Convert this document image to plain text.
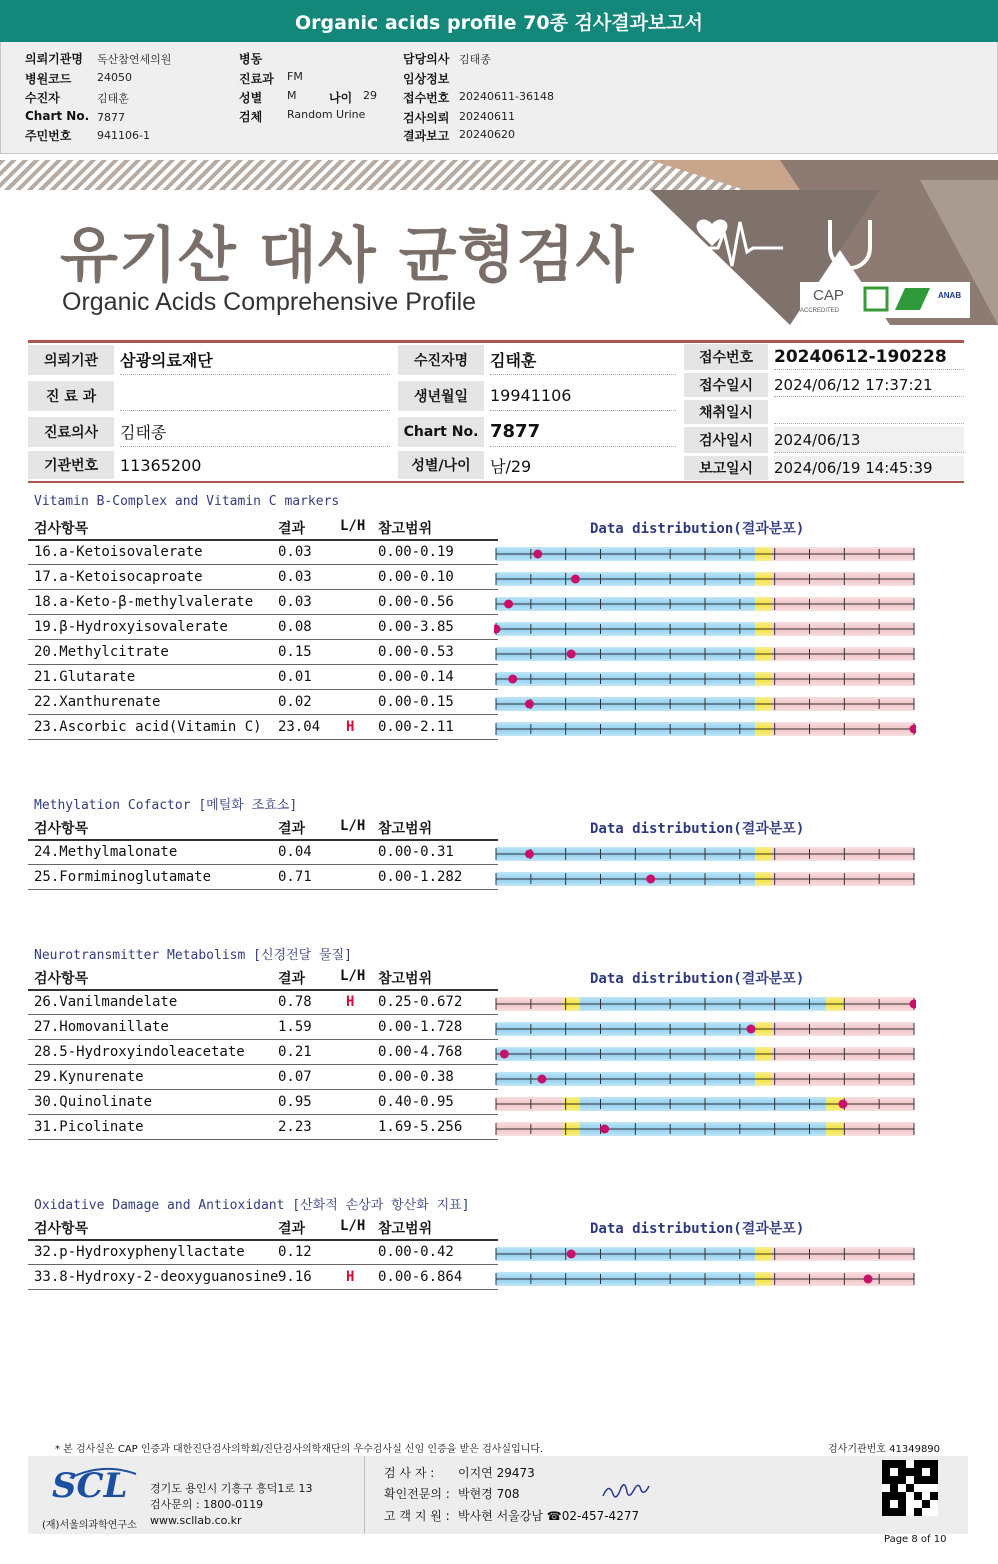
Organic acids profile 70종 검사결과보고서
의뢰기관명 독산참연세의원
병원코드 24050
수진자	김태훈
Chart No. 7877
주민번호 941106-1
병동
진료과 FM
성별 M	나이 29
검체 Random Urine
담당의사 김태종
임상정보
접수번호 20240611-36148
검사의뢰 20240611
결과보고 20240620
CAP
ACCREDITED
ANAB
유기산 대사 균형검사
Organic Acids Comprehensive Profile
의뢰기관	삼광의료재단
진 료 과
진료의사	김태종
기관번호	11365200
수진자명	김태훈
생년월일	19941106
Chart No. 7877
성별/나이	남/29
접수번호	20240612-190228
접수일시	2024/06/12 17:37:21
채취일시
검사일시	2024/06/13
보고일시	2024/06/19 14:45:39
Vitamin B-Complex and Vitamin C markers
검사항목	결과 L/H 참고범위	Data distribution(결과분포)
16.a-Ketoisovalerate	0.03	0.00-0.19
17.a-Ketoisocaproate	0.03	0.00-0.10
18.a-Keto-β-methylvalerate 0.03	0.00-0.56
19.β-Hydroxyisovalerate	0.08	0.00-3.85
20.Methylcitrate	0.15	0.00-0.53
21.Glutarate	0.01	0.00-0.14
22.Xanthurenate	0.02	0.00-0.15
23.Ascorbic acid(Vitamin C) 23.04 H 0.00-2.11
Methylation Cofactor [메틸화 조효소]
검사항목	결과 L/H 참고범위	Data distribution(결과분포)
24.Methylmalonate	0.04	0.00-0.31
25.Formiminoglutamate	0.71	0.00-1.282
Neurotransmitter Metabolism [신경전달 물질]
검사항목	결과 L/H 참고범위	Data distribution(결과분포)
26.Vanilmandelate	0.78 H 0.25-0.672
27.Homovanillate	1.59	0.00-1.728
28.5-Hydroxyindoleacetate 0.21	0.00-4.768
29.Kynurenate	0.07	0.00-0.38
30.Quinolinate	0.95	0.40-0.95
31.Picolinate	2.23	1.69-5.256
Oxidative Damage and Antioxidant [산화적 손상과 항산화 지표]
검사항목	결과 L/H 참고범위	Data distribution(결과분포)
32.p-Hydroxyphenyllactate 0.12	0.00-0.42
33.8-Hydroxy-2-deoxyguanosine 9.16 H 0.00-6.864
* 본 검사실은 CAP 인증과 대한진단검사의학회/진단검사의학재단의 우수검사실 신임 인증을 받은 검사실입니다.	검사기관번호 41349890
SCL
(재)서울의과학연구소
경기도 용인시 기흥구 흥덕1로 13
검사문의 : 1800-0119
www.scllab.co.kr
검 사 자 : 이지연 29473
확인전문의 : 박현경 708
고 객 지 원 : 박사현 서울강남 ☎02-457-4277
Page 8 of 10
